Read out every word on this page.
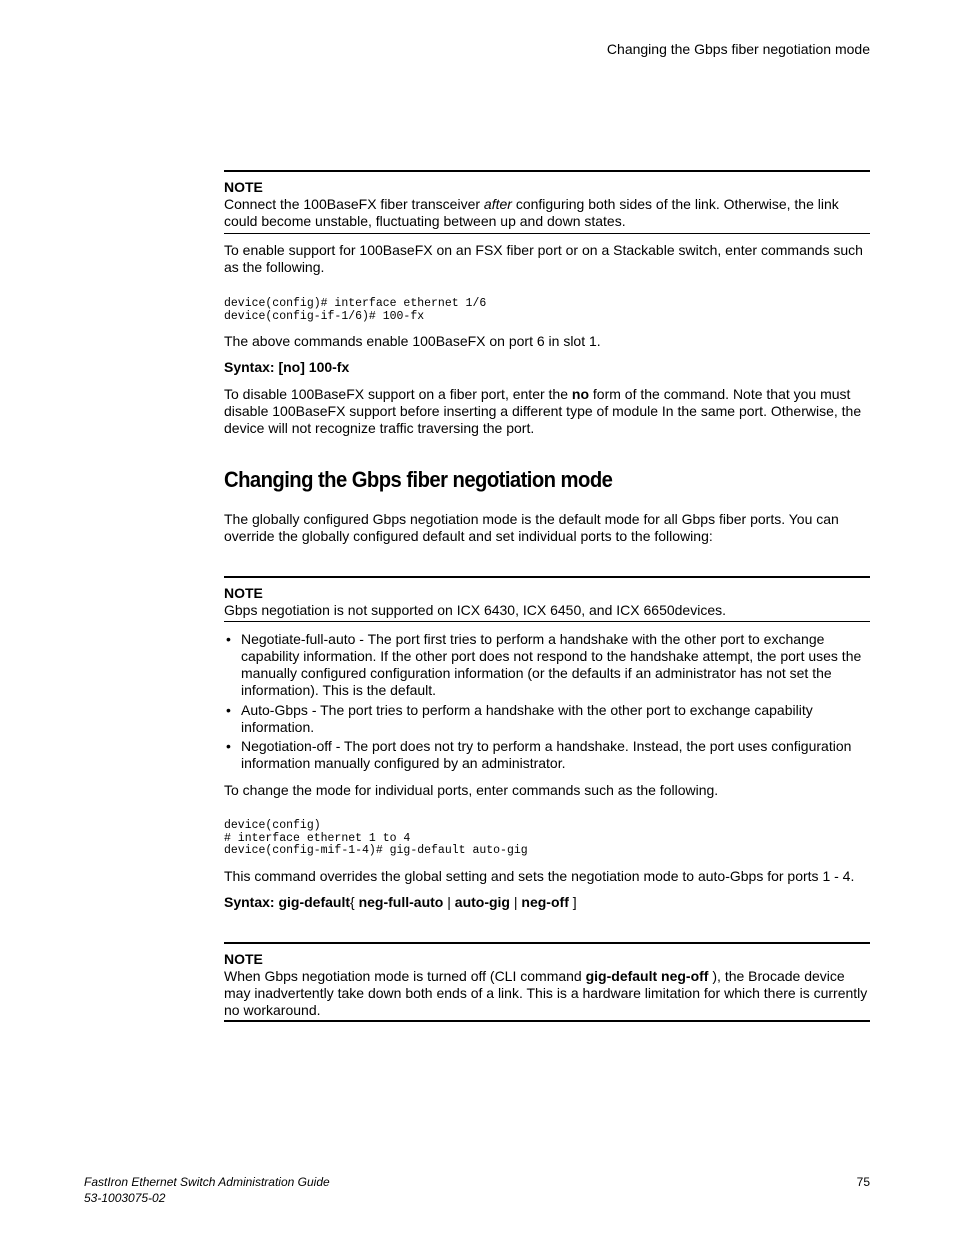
Changing the Gbps fiber negotiation mode
NOTE
Connect the 100BaseFX fiber transceiver after configuring both sides of the link. Otherwise, the link could become unstable, fluctuating between up and down states.

To enable support for 100BaseFX on an FSX fiber port or on a Stackable switch, enter commands such as the following.

device(config)# interface ethernet 1/6
device(config-if-1/6)# 100-fx

The above commands enable 100BaseFX on port 6 in slot 1.

Syntax: [no] 100-fx

To disable 100BaseFX support on a fiber port, enter the no form of the command. Note that you must disable 100BaseFX support before inserting a different type of module In the same port. Otherwise, the device will not recognize traffic traversing the port.

Changing the Gbps fiber negotiation mode

The globally configured Gbps negotiation mode is the default mode for all Gbps fiber ports. You can override the globally configured default and set individual ports to the following:

NOTE
Gbps negotiation is not supported on ICX 6430, ICX 6450, and ICX 6650devices.
• Negotiate-full-auto - The port first tries to perform a handshake with the other port to exchange capability information. If the other port does not respond to the handshake attempt, the port uses the manually configured configuration information (or the defaults if an administrator has not set the information). This is the default.
• Auto-Gbps - The port tries to perform a handshake with the other port to exchange capability information.
• Negotiation-off - The port does not try to perform a handshake. Instead, the port uses configuration information manually configured by an administrator.

To change the mode for individual ports, enter commands such as the following.

device(config)
# interface ethernet 1 to 4
device(config-mif-1-4)# gig-default auto-gig

This command overrides the global setting and sets the negotiation mode to auto-Gbps for ports 1 - 4.

Syntax: gig-default{ neg-full-auto | auto-gig | neg-off ]

NOTE
When Gbps negotiation mode is turned off (CLI command gig-default neg-off ), the Brocade device may inadvertently take down both ends of a link. This is a hardware limitation for which there is currently no workaround.
FastIron Ethernet Switch Administration Guide
53-1003075-02
75
